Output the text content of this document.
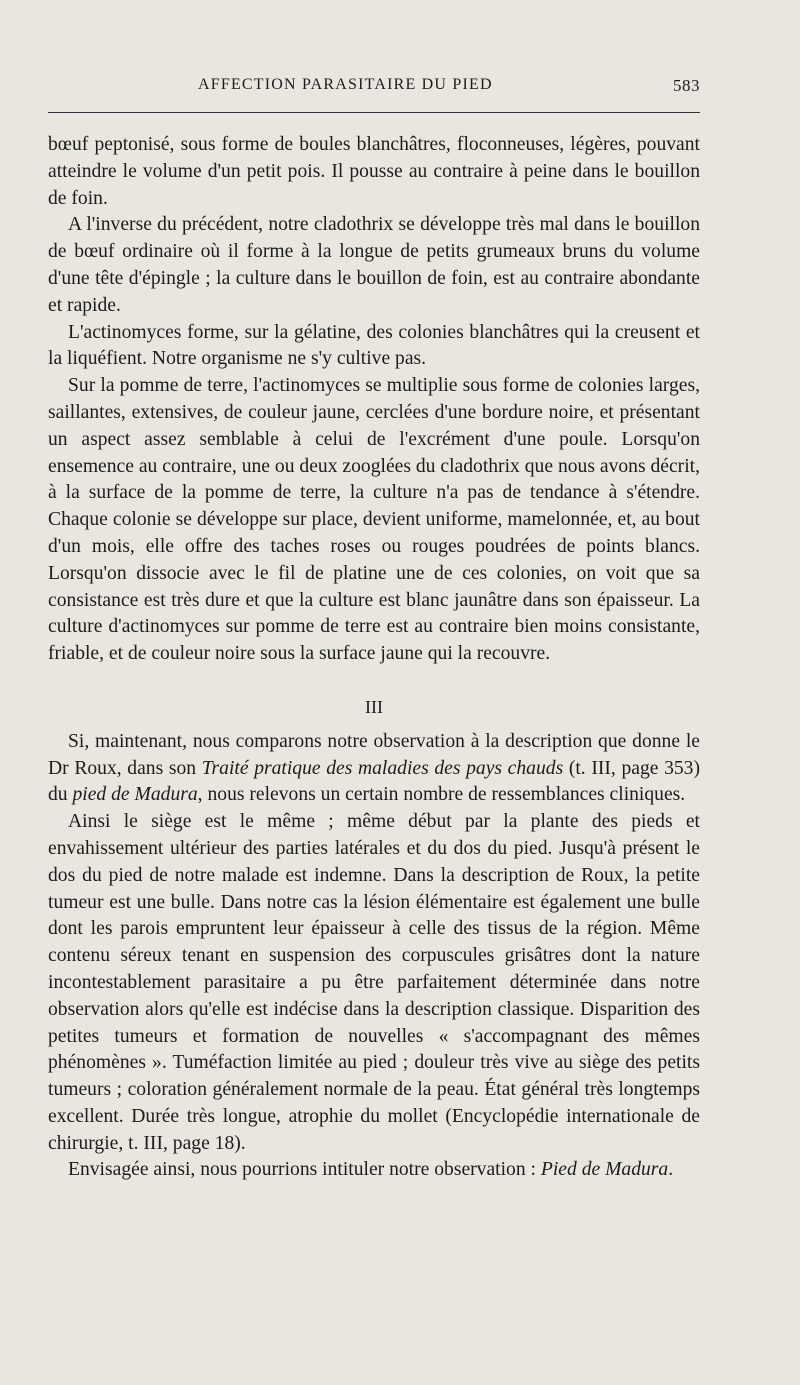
AFFECTION PARASITAIRE DU PIED	583

bœuf peptonisé, sous forme de boules blanchâtres, floconneuses, légères, pouvant atteindre le volume d'un petit pois. Il pousse au contraire à peine dans le bouillon de foin.

A l'inverse du précédent, notre cladothrix se développe très mal dans le bouillon de bœuf ordinaire où il forme à la longue de petits grumeaux bruns du volume d'une tête d'épingle ; la culture dans le bouillon de foin, est au contraire abondante et rapide.

L'actinomyces forme, sur la gélatine, des colonies blanchâtres qui la creusent et la liquéfient. Notre organisme ne s'y cultive pas.

Sur la pomme de terre, l'actinomyces se multiplie sous forme de colonies larges, saillantes, extensives, de couleur jaune, cerclées d'une bordure noire, et présentant un aspect assez semblable à celui de l'excrément d'une poule. Lorsqu'on ensemence au contraire, une ou deux zooglées du cladothrix que nous avons décrit, à la surface de la pomme de terre, la culture n'a pas de tendance à s'étendre. Chaque colonie se développe sur place, devient uniforme, mamelonnée, et, au bout d'un mois, elle offre des taches roses ou rouges poudrées de points blancs. Lorsqu'on dissocie avec le fil de platine une de ces colonies, on voit que sa consistance est très dure et que la culture est blanc jaunâtre dans son épaisseur. La culture d'actinomyces sur pomme de terre est au contraire bien moins consistante, friable, et de couleur noire sous la surface jaune qui la recouvre.

III

Si, maintenant, nous comparons notre observation à la description que donne le Dr Roux, dans son Traité pratique des maladies des pays chauds (t. III, page 353) du pied de Madura, nous relevons un certain nombre de ressemblances cliniques.

Ainsi le siège est le même ; même début par la plante des pieds et envahissement ultérieur des parties latérales et du dos du pied. Jusqu'à présent le dos du pied de notre malade est indemne. Dans la description de Roux, la petite tumeur est une bulle. Dans notre cas la lésion élémentaire est également une bulle dont les parois empruntent leur épaisseur à celle des tissus de la région. Même contenu séreux tenant en suspension des corpuscules grisâtres dont la nature incontestablement parasitaire a pu être parfaitement déterminée dans notre observation alors qu'elle est indécise dans la description classique. Disparition des petites tumeurs et formation de nouvelles « s'accompagnant des mêmes phénomènes ». Tuméfaction limitée au pied ; douleur très vive au siège des petits tumeurs ; coloration généralement normale de la peau. État général très longtemps excellent. Durée très longue, atrophie du mollet (Encyclopédie internationale de chirurgie, t. III, page 18).

Envisagée ainsi, nous pourrions intituler notre observation : Pied de Madura.
